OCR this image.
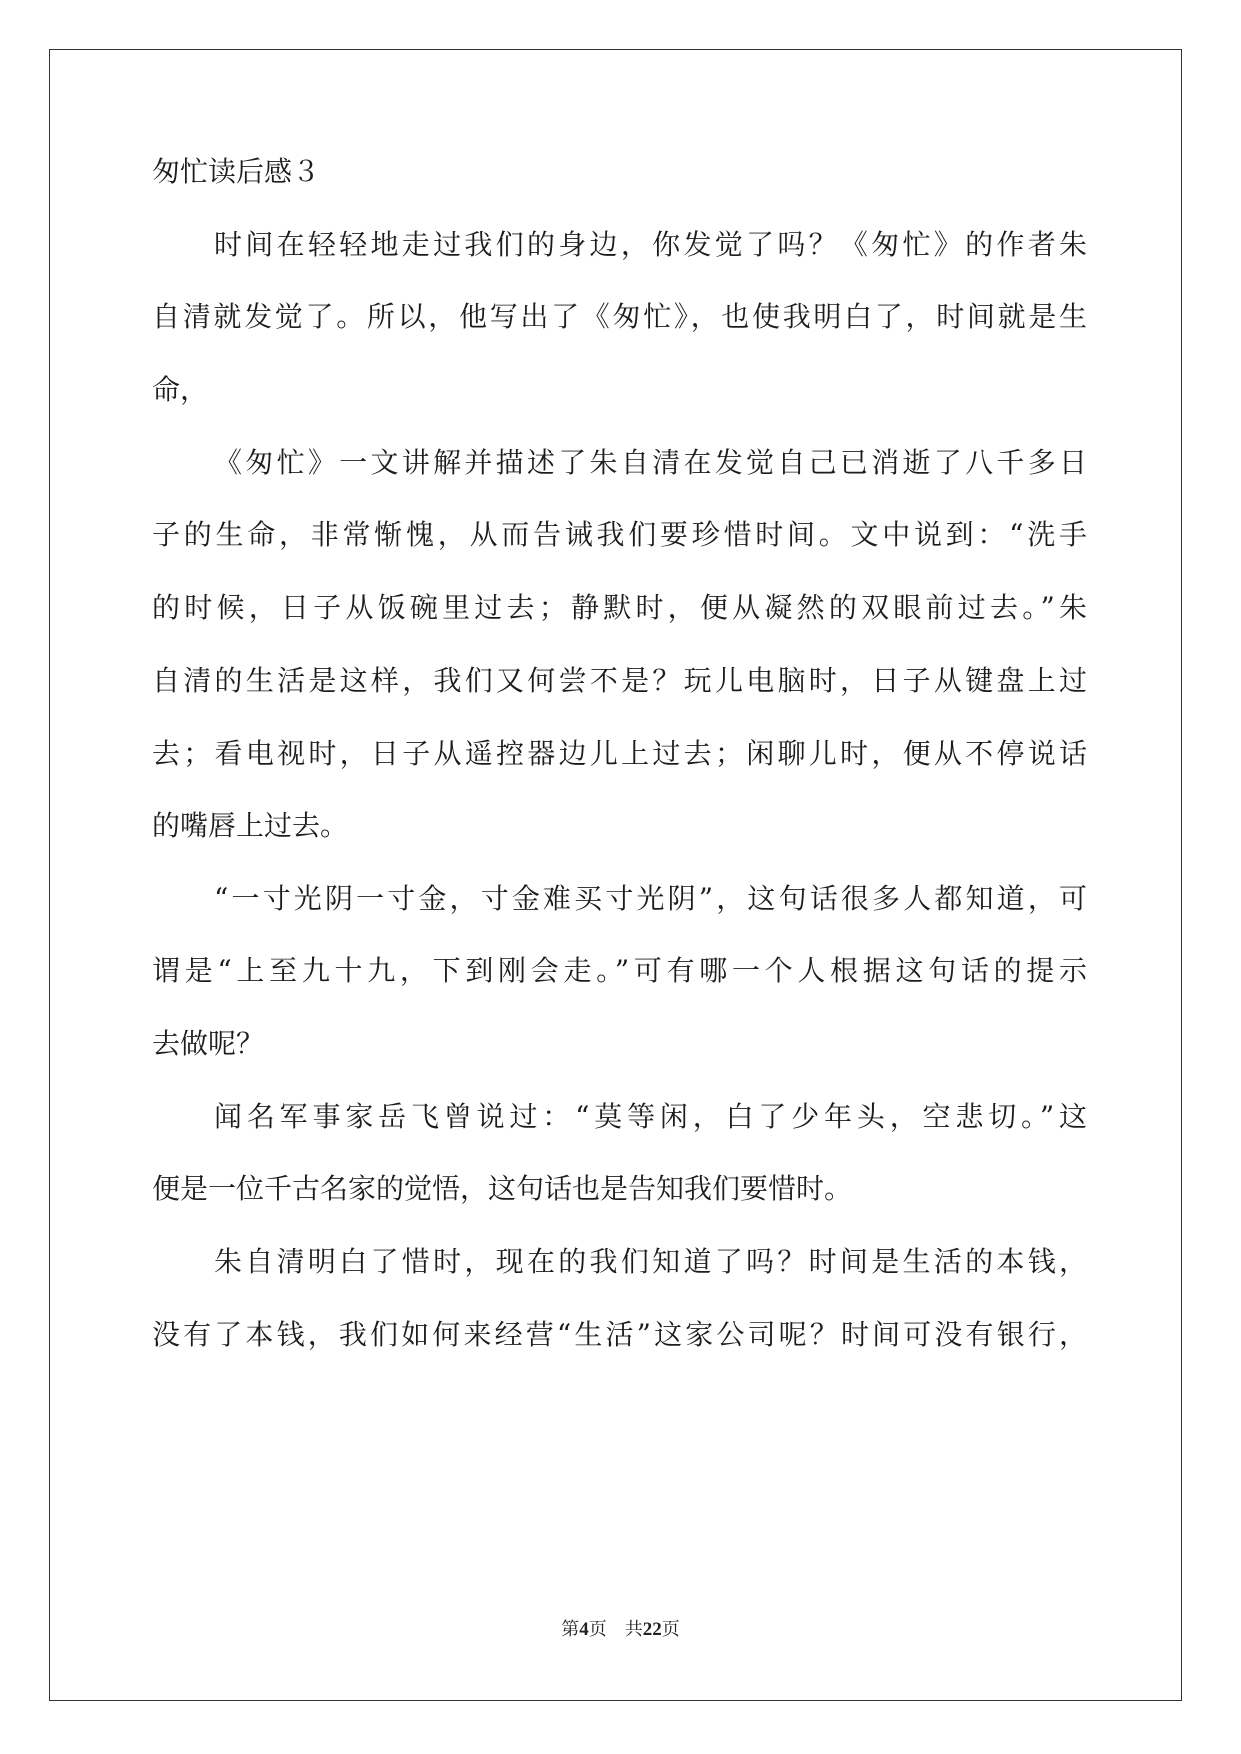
匆忙读后感３
时间在轻轻地走过我们的身边，你发觉了吗？《匆忙》的作者朱
自清就发觉了。所以，他写出了《匆忙》，也使我明白了，时间就是生
命，
《匆忙》一文讲解并描述了朱自清在发觉自己已消逝了八千多日
子的生命，非常惭愧，从而告诫我们要珍惜时间。文中说到：“洗手
的时候，日子从饭碗里过去；静默时，便从凝然的双眼前过去。”朱
自清的生活是这样，我们又何尝不是？玩儿电脑时，日子从键盘上过
去；看电视时，日子从遥控器边儿上过去；闲聊儿时，便从不停说话
的嘴唇上过去。
“一寸光阴一寸金，寸金难买寸光阴”，这句话很多人都知道，可
谓是“上至九十九，下到刚会走。”可有哪一个人根据这句话的提示
去做呢？
闻名军事家岳飞曾说过：“莫等闲，白了少年头，空悲切。”这
便是一位千古名家的觉悟，这句话也是告知我们要惜时。
朱自清明白了惜时，现在的我们知道了吗？时间是生活的本钱，
没有了本钱，我们如何来经营“生活”这家公司呢？时间可没有银行，
第4页　共22页
